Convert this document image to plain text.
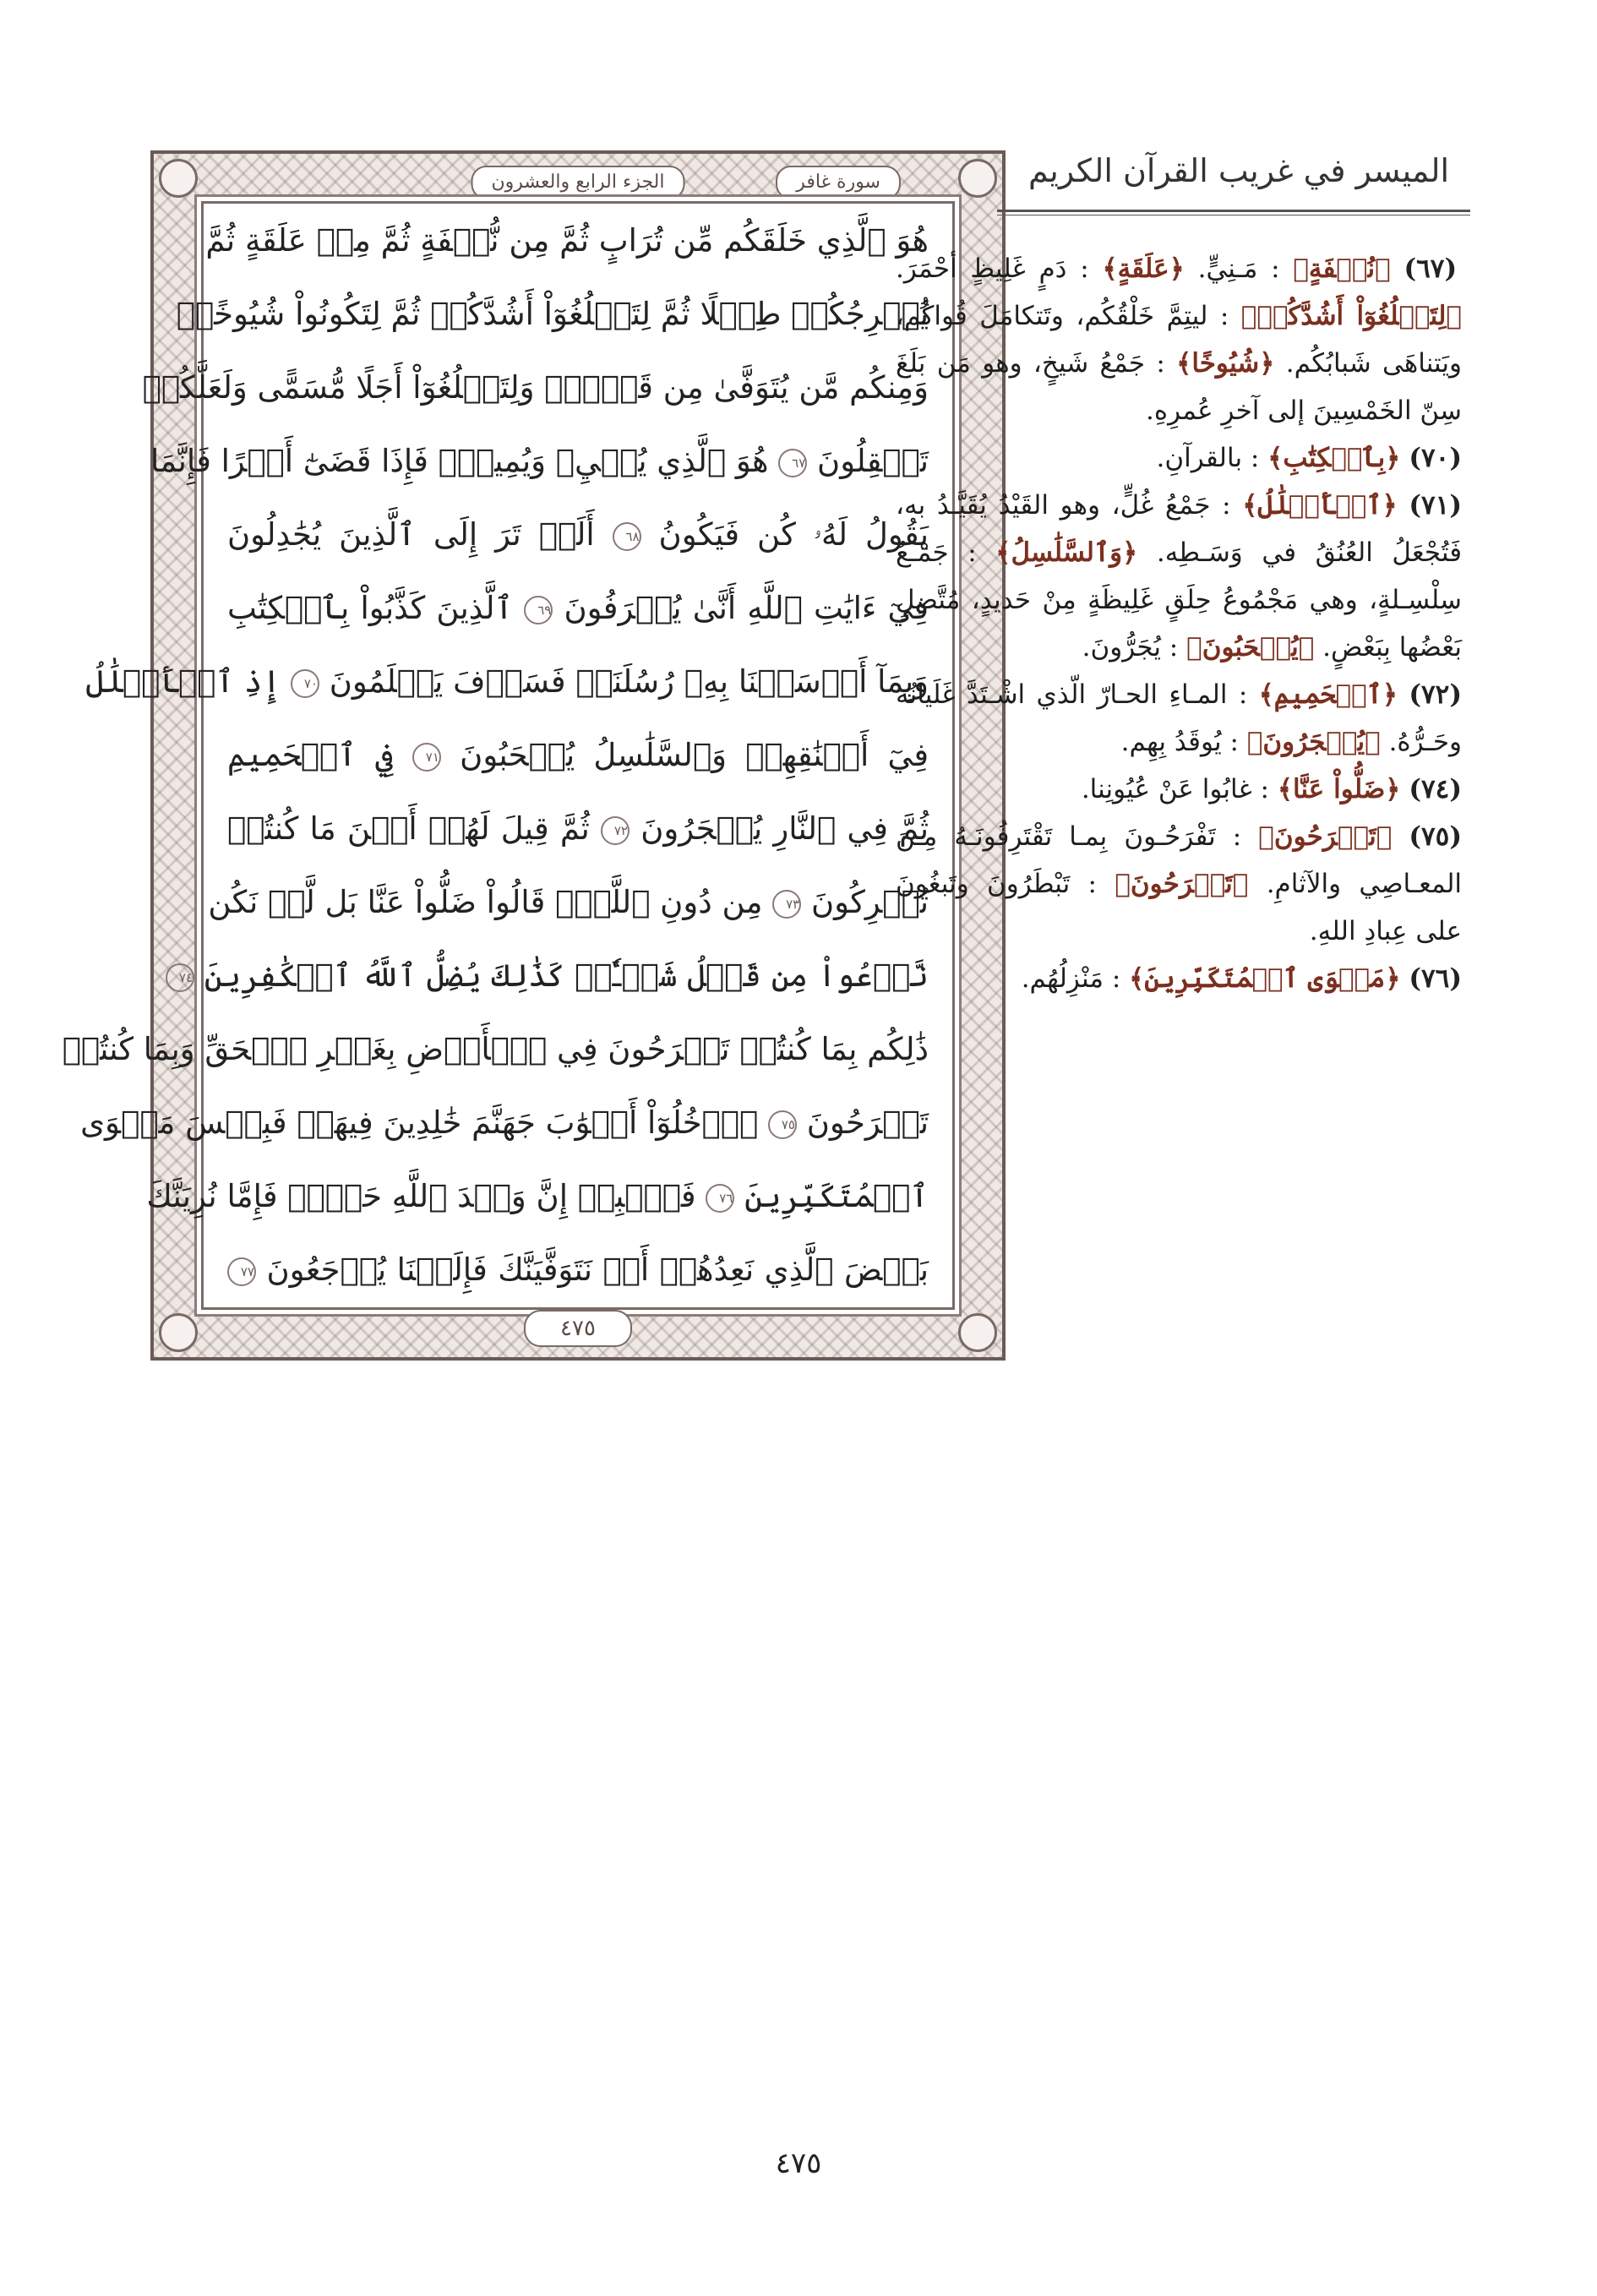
سورة غافر
الجزء الرابع والعشرون
هُوَ ٱلَّذِي خَلَقَكُم مِّن تُرَابٍ ثُمَّ مِن نُّطۡفَةٍ ثُمَّ مِنۡ عَلَقَةٍ ثُمَّ
يُخۡرِجُكُمۡ طِفۡلًا ثُمَّ لِتَبۡلُغُوٓاْ أَشُدَّكُمۡ ثُمَّ لِتَكُونُواْ شُيُوخًاۚ
وَمِنكُم مَّن يُتَوَفَّىٰ مِن قَبۡلُۖ وَلِتَبۡلُغُوٓاْ أَجَلًا مُّسَمًّى وَلَعَلَّكُمۡ
تَعۡقِلُونَ ٦٧ هُوَ ٱلَّذِي يُحۡيِۦ وَيُمِيتُۖ فَإِذَا قَضَىٰٓ أَمۡرًا فَإِنَّمَا
يَقُولُ لَهُۥ كُن فَيَكُونُ ٦٨ أَلَمۡ تَرَ إِلَى ٱلَّذِينَ يُجَٰدِلُونَ
فِيٓ ءَايَٰتِ ٱللَّهِ أَنَّىٰ يُصۡرَفُونَ ٦٩ ٱلَّذِينَ كَذَّبُواْ بِٱلۡكِتَٰبِ
وَبِمَآ أَرۡسَلۡنَا بِهِۦ رُسُلَنَاۖ فَسَوۡفَ يَعۡلَمُونَ ٧٠ إِذِ ٱلۡأَغۡلَٰلُ
فِيٓ أَعۡنَٰقِهِمۡ وَٱلسَّلَٰسِلُ يُسۡحَبُونَ ٧١ فِي ٱلۡحَمِيمِ
ثُمَّ فِي ٱلنَّارِ يُسۡجَرُونَ ٧٢ ثُمَّ قِيلَ لَهُمۡ أَيۡنَ مَا كُنتُمۡ
تُشۡرِكُونَ ٧٣ مِن دُونِ ٱللَّهِۖ قَالُواْ ضَلُّواْ عَنَّا بَل لَّمۡ نَكُن
نَّدۡعُواْ مِن قَبۡلُ شَيۡـٔٗاۚ كَذَٰلِكَ يُضِلُّ ٱللَّهُ ٱلۡكَٰفِرِينَ ٧٤
ذَٰلِكُم بِمَا كُنتُمۡ تَفۡرَحُونَ فِي ٱلۡأَرۡضِ بِغَيۡرِ ٱلۡحَقِّ وَبِمَا كُنتُمۡ
تَمۡرَحُونَ ٧٥ ٱدۡخُلُوٓاْ أَبۡوَٰبَ جَهَنَّمَ خَٰلِدِينَ فِيهَاۖ فَبِئۡسَ مَثۡوَى
ٱلۡمُتَكَبِّرِينَ ٧٦ فَٱصۡبِرۡ إِنَّ وَعۡدَ ٱللَّهِ حَقّٞۚ فَإِمَّا نُرِيَنَّكَ
بَعۡضَ ٱلَّذِي نَعِدُهُمۡ أَوۡ نَتَوَفَّيَنَّكَ فَإِلَيۡنَا يُرۡجَعُونَ ٧٧
٤٧٥
الميسر في غريب القرآن الكريم

(٦٧) ﴿نُطۡفَةٍ﴾ : مَـنِيٍّ. ﴿عَلَقَةٍ﴾ : دَمٍ غَلِيظٍ أحْمَرَ. ﴿لِتَبۡلُغُوٓاْ أَشُدَّكُمۡ﴾ : ليتِمَّ خَلْقُكُم، وتَتكامَلَ قُواكُم، ويَتناهَى شَبابُكُم. ﴿شُيُوخًا﴾ : جَمْعُ شَيخٍ، وهو مَن بَلَغَ سِنّ الخَمْسِينَ إلى آخرِ عُمرِهِ.

(٧٠) ﴿بِٱلۡكِتَٰبِ﴾ : بالقرآنِ.

(٧١) ﴿ٱلۡأَغۡلَٰلُ﴾ : جَمْعُ غُلٍّ، وهو القَيْدُ يُقَيَّـدُ به، فَتُجْعَلُ العُنُقُ في وَسَـطِه. ﴿وَٱلسَّلَٰسِلُ﴾ : جَمْـعُ سِلْسِـلةٍ، وهي مَجْمُوعُ حِلَقٍ غَلِيظَةٍ مِنْ حَديدٍ، مُتَّصِلٍ بَعْضُها بِبَعْضٍ. ﴿يُسۡحَبُونَ﴾ : يُجَرُّونَ.

(٧٢) ﴿ٱلۡحَمِيمِ﴾ : المـاءِ الحـارّ الّذي اشْـتَدَّ غَلَيانُه وحَـرُّهُ. ﴿يُسۡجَرُونَ﴾ : يُوقَدُ بِهِم.

(٧٤) ﴿ضَلُّواْ عَنَّا﴾ : غابُوا عَنْ عُيُونِنا.

(٧٥) ﴿تَفۡرَحُونَ﴾ : تَفْرَحُـونَ بِمـا تَقْتَرِفُونَـهُ مِـنَ المعـاصِي والآثامِ. ﴿تَمۡرَحُونَ﴾ : تَبْطَرُونَ وتَبغُونَ على عِبادِ اللهِ.

(٧٦) ﴿مَثۡوَى ٱلۡمُتَكَبِّرِينَ﴾ : مَنْزِلُهُم.

٤٧٥
